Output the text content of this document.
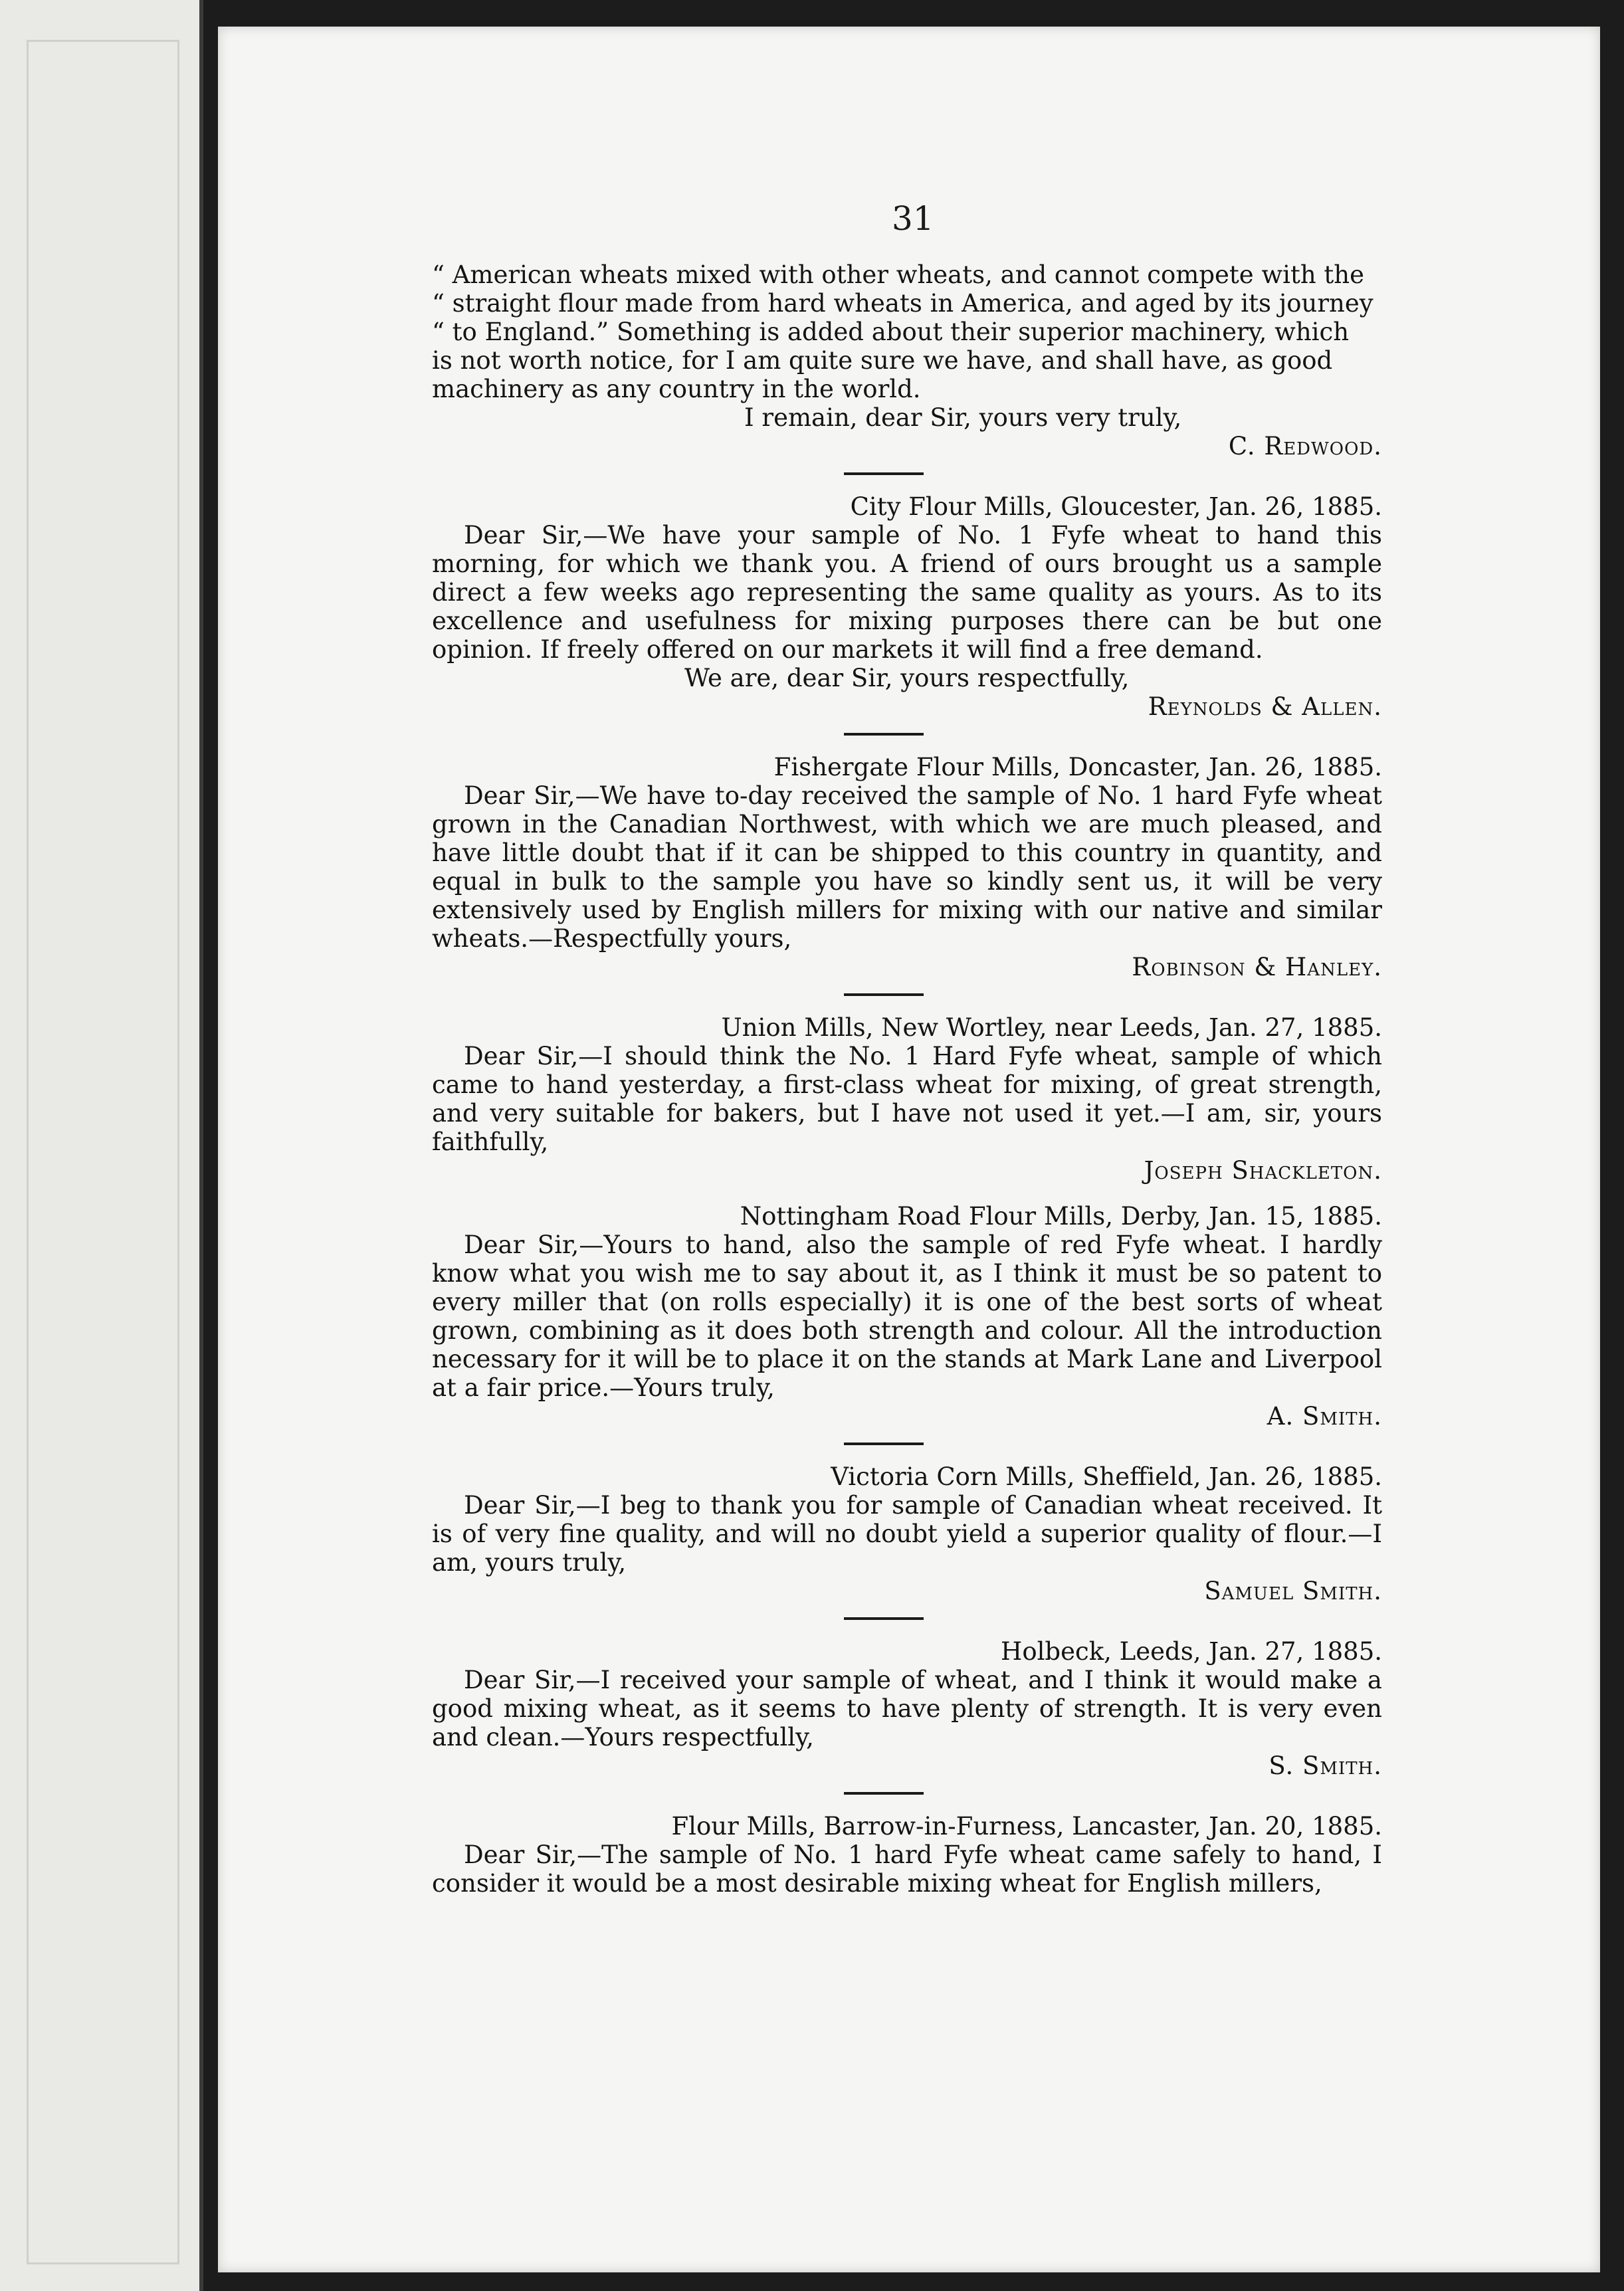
31
“ American wheats mixed with other wheats, and cannot compete with the
“ straight flour made from hard wheats in America, and aged by its journey
“ to England.” Something is added about their superior machinery, which
is not worth notice, for I am quite sure we have, and shall have, as good
machinery as any country in the world.
I remain, dear Sir, yours very truly,
C. Redwood.
City Flour Mills, Gloucester, Jan. 26, 1885.

Dear Sir,—We have your sample of No. 1 Fyfe wheat to hand this morning, for which we thank you. A friend of ours brought us a sample direct a few weeks ago representing the same quality as yours. As to its excellence and usefulness for mixing purposes there can be but one opinion. If freely offered on our markets it will find a free demand.

We are, dear Sir, yours respectfully,
Reynolds & Allen.
Fishergate Flour Mills, Doncaster, Jan. 26, 1885.

Dear Sir,—We have to-day received the sample of No. 1 hard Fyfe wheat grown in the Canadian Northwest, with which we are much pleased, and have little doubt that if it can be shipped to this country in quantity, and equal in bulk to the sample you have so kindly sent us, it will be very extensively used by English millers for mixing with our native and similar wheats.—Respectfully yours,

Robinson & Hanley.
Union Mills, New Wortley, near Leeds, Jan. 27, 1885.

Dear Sir,—I should think the No. 1 Hard Fyfe wheat, sample of which came to hand yesterday, a first-class wheat for mixing, of great strength, and very suitable for bakers, but I have not used it yet.—I am, sir, yours faithfully,

Joseph Shackleton.
Nottingham Road Flour Mills, Derby, Jan. 15, 1885.

Dear Sir,—Yours to hand, also the sample of red Fyfe wheat. I hardly know what you wish me to say about it, as I think it must be so patent to every miller that (on rolls especially) it is one of the best sorts of wheat grown, combining as it does both strength and colour. All the introduction necessary for it will be to place it on the stands at Mark Lane and Liverpool at a fair price.—Yours truly,

A. Smith.
Victoria Corn Mills, Sheffield, Jan. 26, 1885.

Dear Sir,—I beg to thank you for sample of Canadian wheat received. It is of very fine quality, and will no doubt yield a superior quality of flour.—I am, yours truly,

Samuel Smith.
Holbeck, Leeds, Jan. 27, 1885.

Dear Sir,—I received your sample of wheat, and I think it would make a good mixing wheat, as it seems to have plenty of strength. It is very even and clean.—Yours respectfully,

S. Smith.
Flour Mills, Barrow-in-Furness, Lancaster, Jan. 20, 1885.

Dear Sir,—The sample of No. 1 hard Fyfe wheat came safely to hand, I consider it would be a most desirable mixing wheat for English millers,
